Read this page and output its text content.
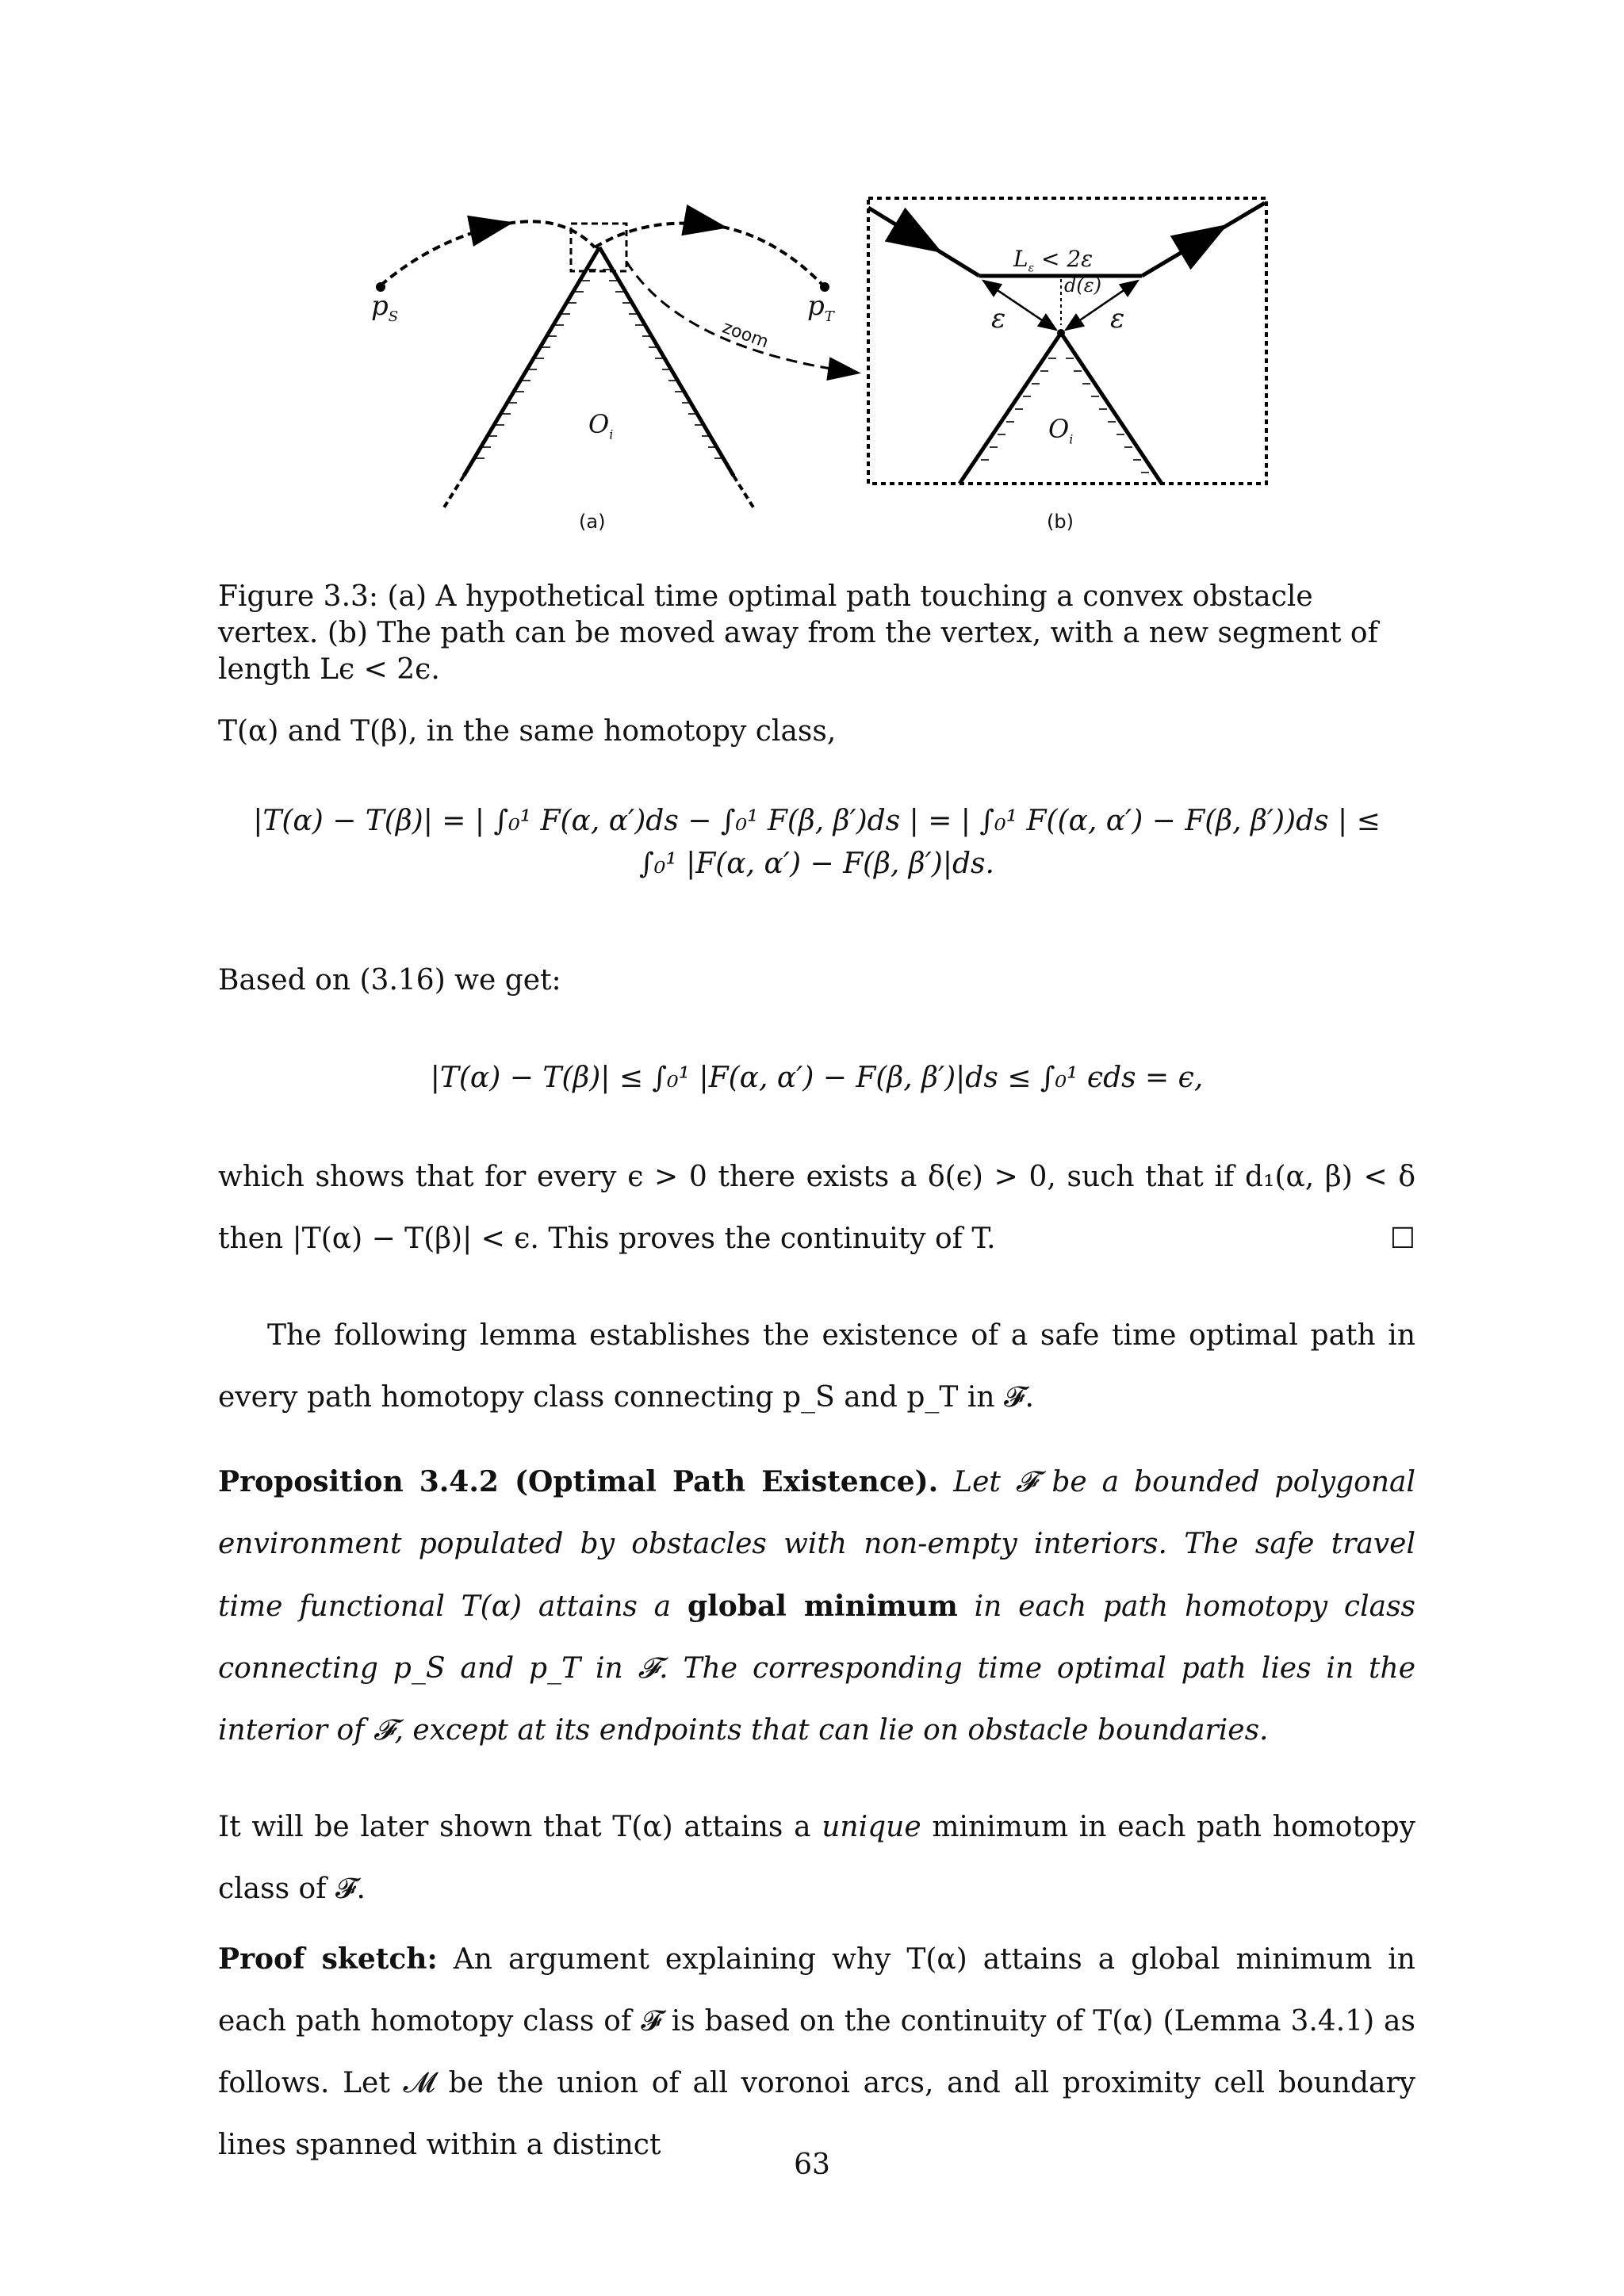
$p_S$	$p_T$
zoom
$O_i$
(a)
$L_\varepsilon < 2\varepsilon$
d(ε)
ε	ε
$O_i$
(b)
Figure 3.3: (a) A hypothetical time optimal path touching a convex obstacle vertex. (b) The path can be moved away from the vertex, with a new segment of length Lϵ < 2ϵ.
T(α) and T(β), in the same homotopy class,
|T(α) − T(β)| = | ∫₀¹ F(α, α′)ds − ∫₀¹ F(β, β′)ds | = | ∫₀¹ F((α, α′) − F(β, β′))ds | ≤
∫₀¹ |F(α, α′) − F(β, β′)|ds.
Based on (3.16) we get:
|T(α) − T(β)| ≤ ∫₀¹ |F(α, α′) − F(β, β′)|ds ≤ ∫₀¹ ϵds = ϵ,
which shows that for every ϵ > 0 there exists a δ(ϵ) > 0, such that if d₁(α, β) < δ then |T(α) − T(β)| < ϵ. This proves the continuity of T.	☐
The following lemma establishes the existence of a safe time optimal path in every path homotopy class connecting p_S and p_T in 𝓕.
Proposition 3.4.2 (Optimal Path Existence). Let 𝓕 be a bounded polygonal environment populated by obstacles with non-empty interiors. The safe travel time functional T(α) attains a global minimum in each path homotopy class connecting p_S and p_T in 𝓕. The corresponding time optimal path lies in the interior of 𝓕, except at its endpoints that can lie on obstacle boundaries.
It will be later shown that T(α) attains a unique minimum in each path homotopy class of 𝓕.
Proof sketch: An argument explaining why T(α) attains a global minimum in each path homotopy class of 𝓕 is based on the continuity of T(α) (Lemma 3.4.1) as follows. Let 𝓜 be the union of all voronoi arcs, and all proximity cell boundary lines spanned within a distinct
63
